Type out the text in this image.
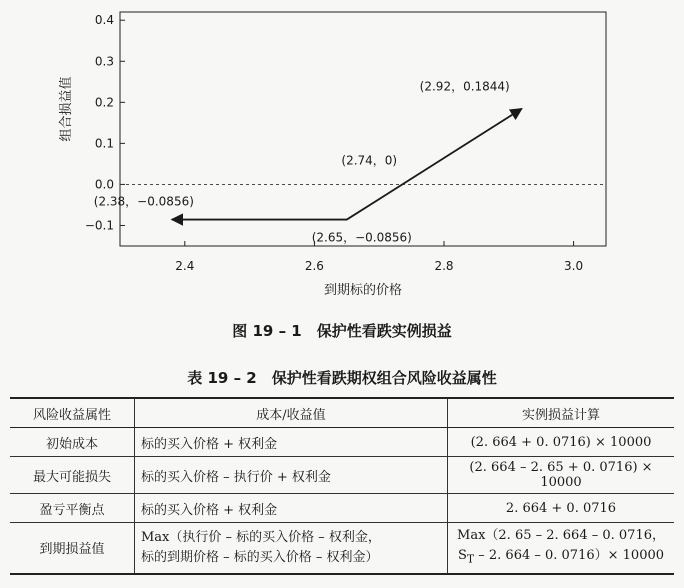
−0.1
0.0
0.1
0.2
0.3
0.4
2.4	2.6	2.8	3.0
到期标的价格
组合损益值	(2.92，0.1844)
(2.74，0)
(2.38，−0.0856)
(2.65，−0.0856)
图 19 – 1　保护性看跌实例损益
表 19 – 2　保护性看跌期权组合风险收益属性
风险收益属性	成本/收益值	实例损益计算
初始成本	标的买入价格 + 权利金	(2. 664 + 0. 0716) × 10000
最大可能损失	标的买入价格 – 执行价 + 权利金	(2. 664 – 2. 65 + 0. 0716) × 10000
盈亏平衡点	标的买入价格 + 权利金	2. 664 + 0. 0716
到期损益值	Max（执行价 – 标的买入价格 – 权利金，
标的到期价格 – 标的买入价格 – 权利金）	Max（2. 65 – 2. 664 – 0. 0716，
$S_T - 2$. 664 – 0. 0716）× 10000
